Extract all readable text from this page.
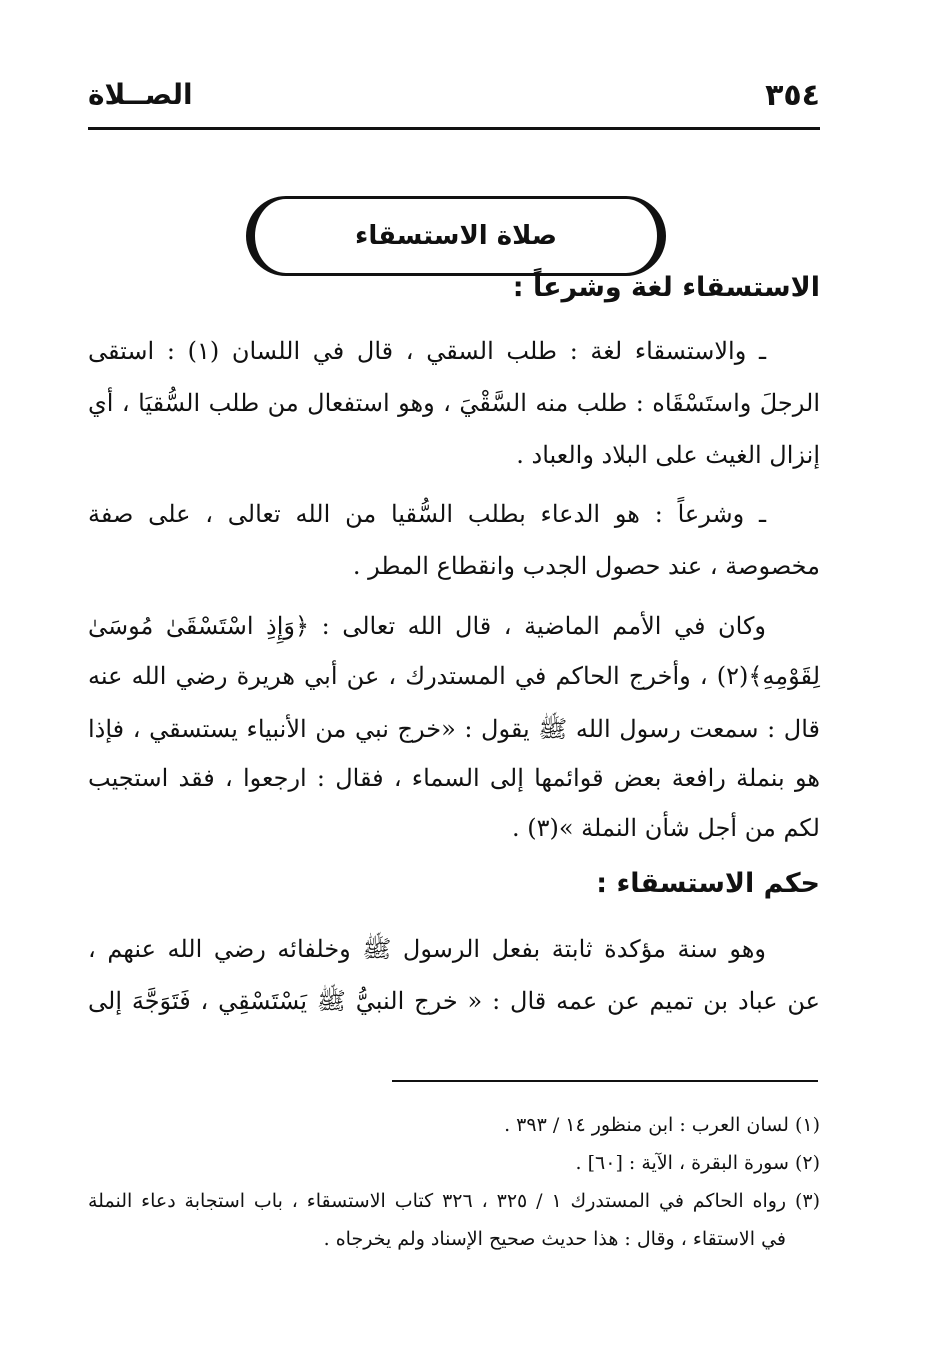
٣٥٤
الصــلاة
صلاة الاستسقاء
الاستسقاء لغة وشرعاً :
ـ والاستسقاء لغة : طلب السقي ، قال في اللسان (١) : استقى
الرجلَ واستَسْقَاه : طلب منه السَّقْيَ ، وهو استفعال من طلب السُّقيَا ، أي
إنزال الغيث على البلاد والعباد .
ـ وشرعاً : هو الدعاء بطلب السُّقيا من الله تعالى ، على صفة
مخصوصة ، عند حصول الجدب وانقطاع المطر .
وكان في الأمم الماضية ، قال الله تعالى : ﴿وَإِذِ اسْتَسْقَىٰ مُوسَىٰ
لِقَوْمِهِ﴾(٢) ، وأخرج الحاكم في المستدرك ، عن أبي هريرة رضي الله عنه
قال : سمعت رسول الله ﷺ يقول : «خرج نبي من الأنبياء يستسقي ، فإذا
هو بنملة رافعة بعض قوائمها إلى السماء ، فقال : ارجعوا ، فقد استجيب
لكم من أجل شأن النملة »(٣) .
حكم الاستسقاء :
وهو سنة مؤكدة ثابتة بفعل الرسول ﷺ وخلفائه رضي الله عنهم ،
عن عباد بن تميم عن عمه قال : « خرج النبيُّ ﷺ يَسْتَسْقِي ، فَتَوَجَّهَ إلى
(١) لسان العرب : ابن منظور ١٤ / ٣٩٣ .
(٢) سورة البقرة ، الآية : [٦٠] .
(٣) رواه الحاكم في المستدرك ١ / ٣٢٥ ، ٣٢٦ كتاب الاستسقاء ، باب استجابة دعاء النملة
في الاستقاء ، وقال : هذا حديث صحيح الإسناد ولم يخرجاه .
